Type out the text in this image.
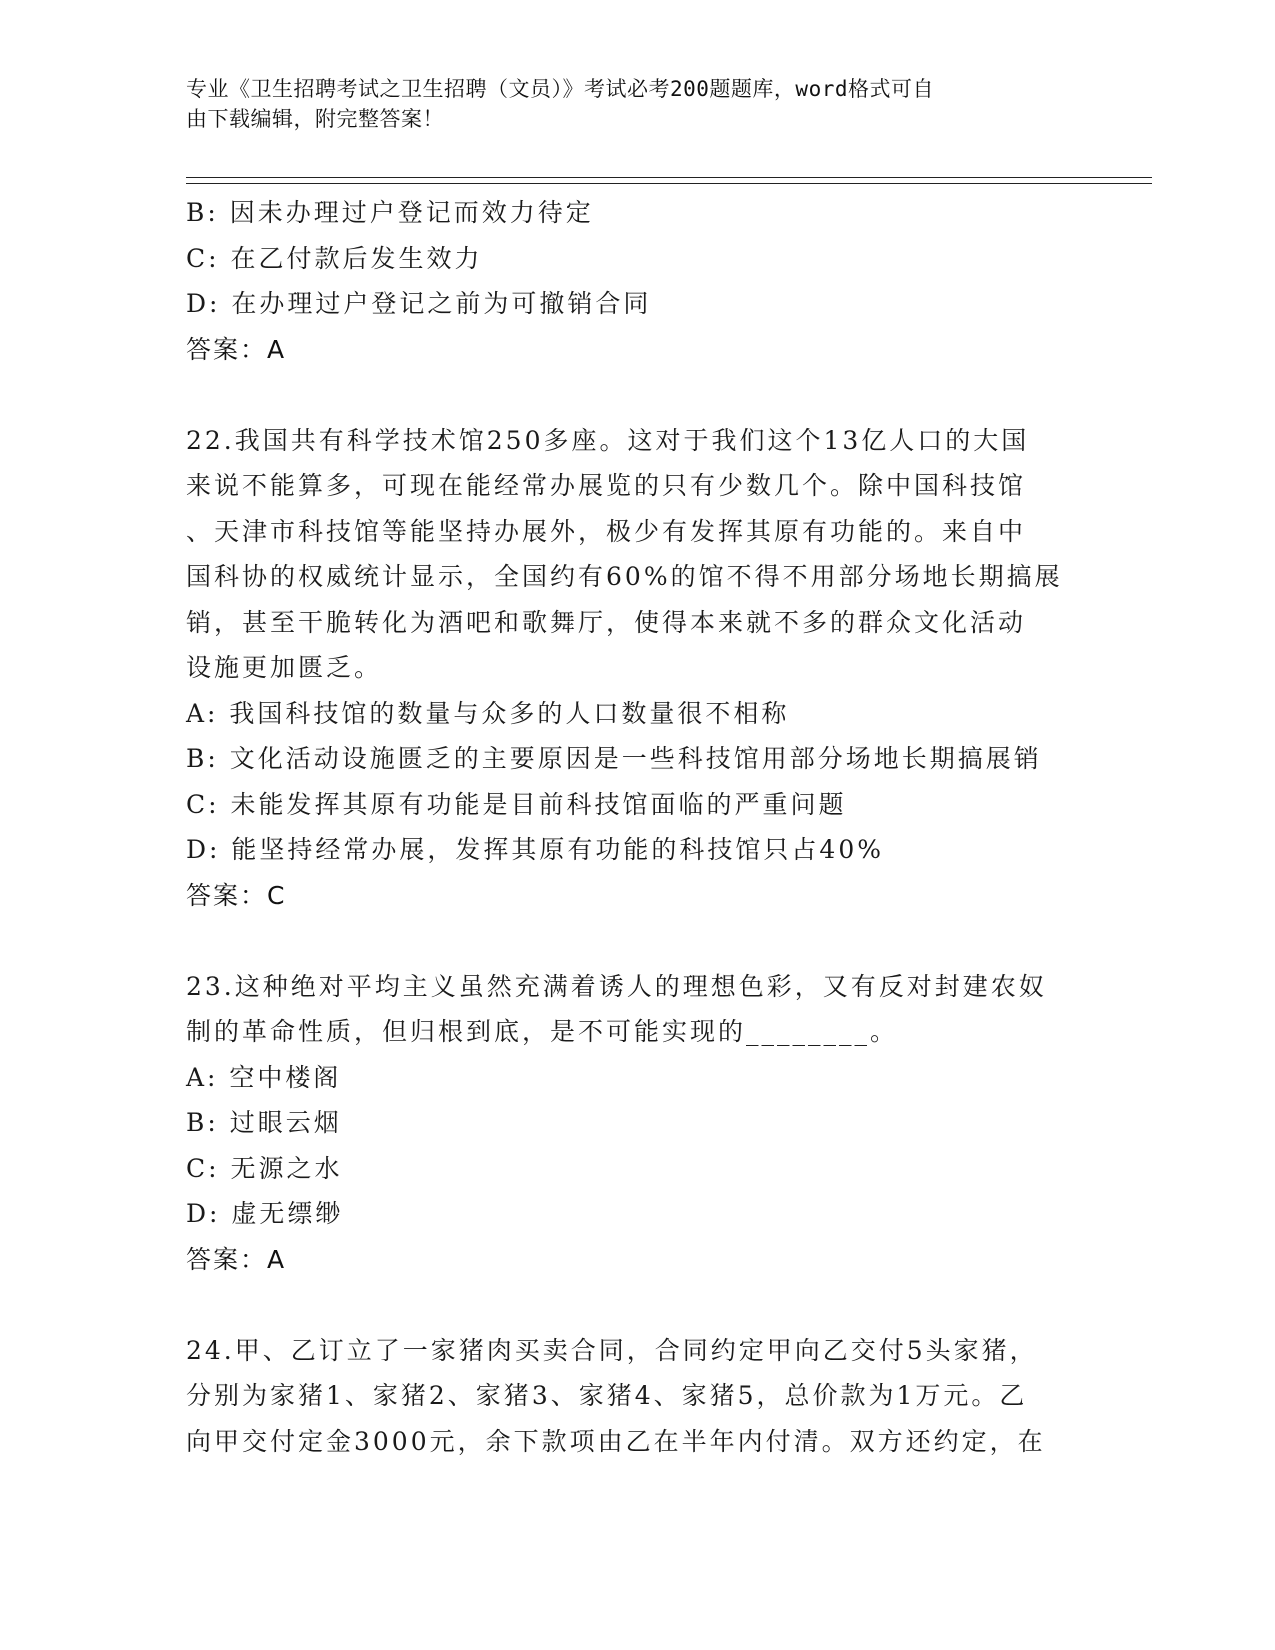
专业《卫生招聘考试之卫生招聘（文员）》考试必考200题题库，word格式可自
由下载编辑，附完整答案！
B: 因未办理过户登记而效力待定
C: 在乙付款后发生效力
D: 在办理过户登记之前为可撤销合同
答案：A
22.我国共有科学技术馆250多座。这对于我们这个13亿人口的大国
来说不能算多，可现在能经常办展览的只有少数几个。除中国科技馆
、天津市科技馆等能坚持办展外，极少有发挥其原有功能的。来自中
国科协的权威统计显示，全国约有60%的馆不得不用部分场地长期搞展
销，甚至干脆转化为酒吧和歌舞厅，使得本来就不多的群众文化活动
设施更加匮乏。
A: 我国科技馆的数量与众多的人口数量很不相称
B: 文化活动设施匮乏的主要原因是一些科技馆用部分场地长期搞展销
C: 未能发挥其原有功能是目前科技馆面临的严重问题
D: 能坚持经常办展，发挥其原有功能的科技馆只占40%
答案：C
23.这种绝对平均主义虽然充满着诱人的理想色彩，又有反对封建农奴
制的革命性质，但归根到底，是不可能实现的________。
A: 空中楼阁
B: 过眼云烟
C: 无源之水
D: 虚无缥缈
答案：A
24.甲、乙订立了一家猪肉买卖合同，合同约定甲向乙交付5头家猪，
分别为家猪1、家猪2、家猪3、家猪4、家猪5，总价款为1万元。乙
向甲交付定金3000元，余下款项由乙在半年内付清。双方还约定，在
